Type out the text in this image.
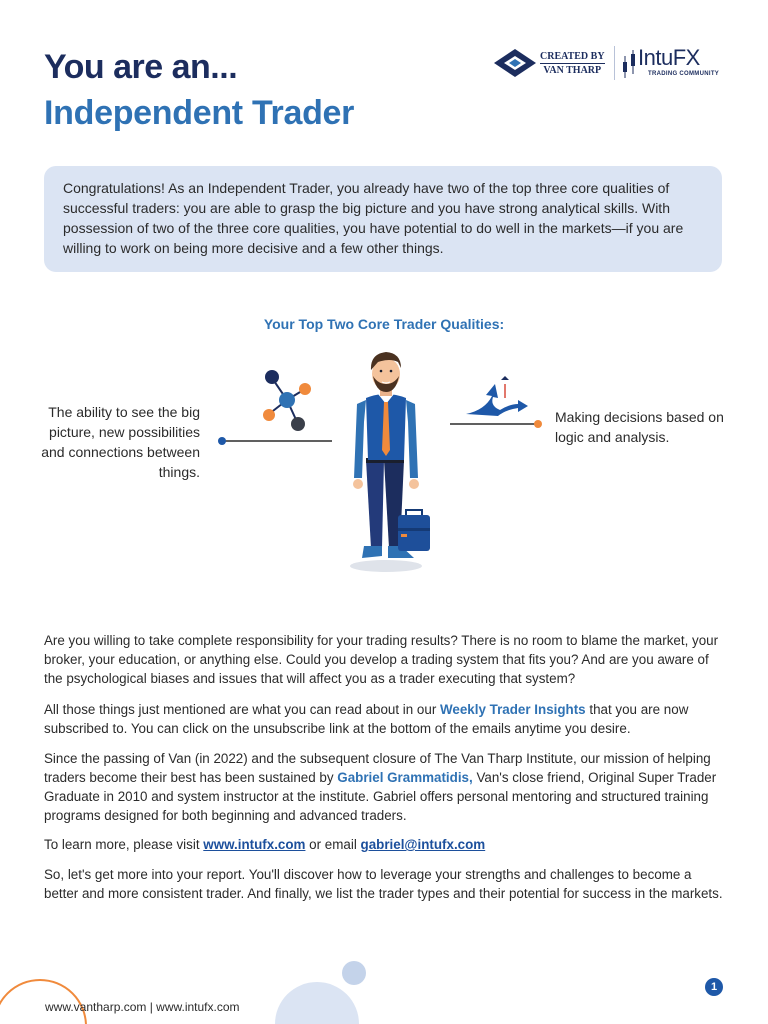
You are an...
Independent Trader
CREATED BY
VAN THARP
IntuFX
TRADING COMMUNITY
Congratulations! As an Independent Trader, you already have two of the top three core qualities of successful traders: you are able to grasp the big picture and you have strong analytical skills. With possession of two of the three core qualities, you have potential to do well in the markets—if you are willing to work on being more decisive and a few other things.
Your Top Two Core Trader Qualities:
The ability to see the big picture, new possibilities and connections between things.
Making decisions based on logic and analysis.
Are you willing to take complete responsibility for your trading results? There is no room to blame the market, your broker, your education, or anything else. Could you develop a trading system that fits you? And are you aware of the psychological biases and issues that will affect you as a trader executing that system?
All those things just mentioned are what you can read about in our Weekly Trader Insights that you are now subscribed to. You can click on the unsubscribe link at the bottom of the emails anytime you desire.
Since the passing of Van (in 2022) and the subsequent closure of The Van Tharp Institute, our mission of helping traders become their best has been sustained by Gabriel Grammatidis, Van's close friend, Original Super Trader Graduate in 2010 and system instructor at the institute. Gabriel offers personal mentoring and structured training programs designed for both beginning and advanced traders.
To learn more, please visit www.intufx.com or email gabriel@intufx.com
So, let's get more into your report. You'll discover how to leverage your strengths and challenges to become a better and more consistent trader. And finally, we list the trader types and their potential for success in the markets.
www.vantharp.com | www.intufx.com
1
